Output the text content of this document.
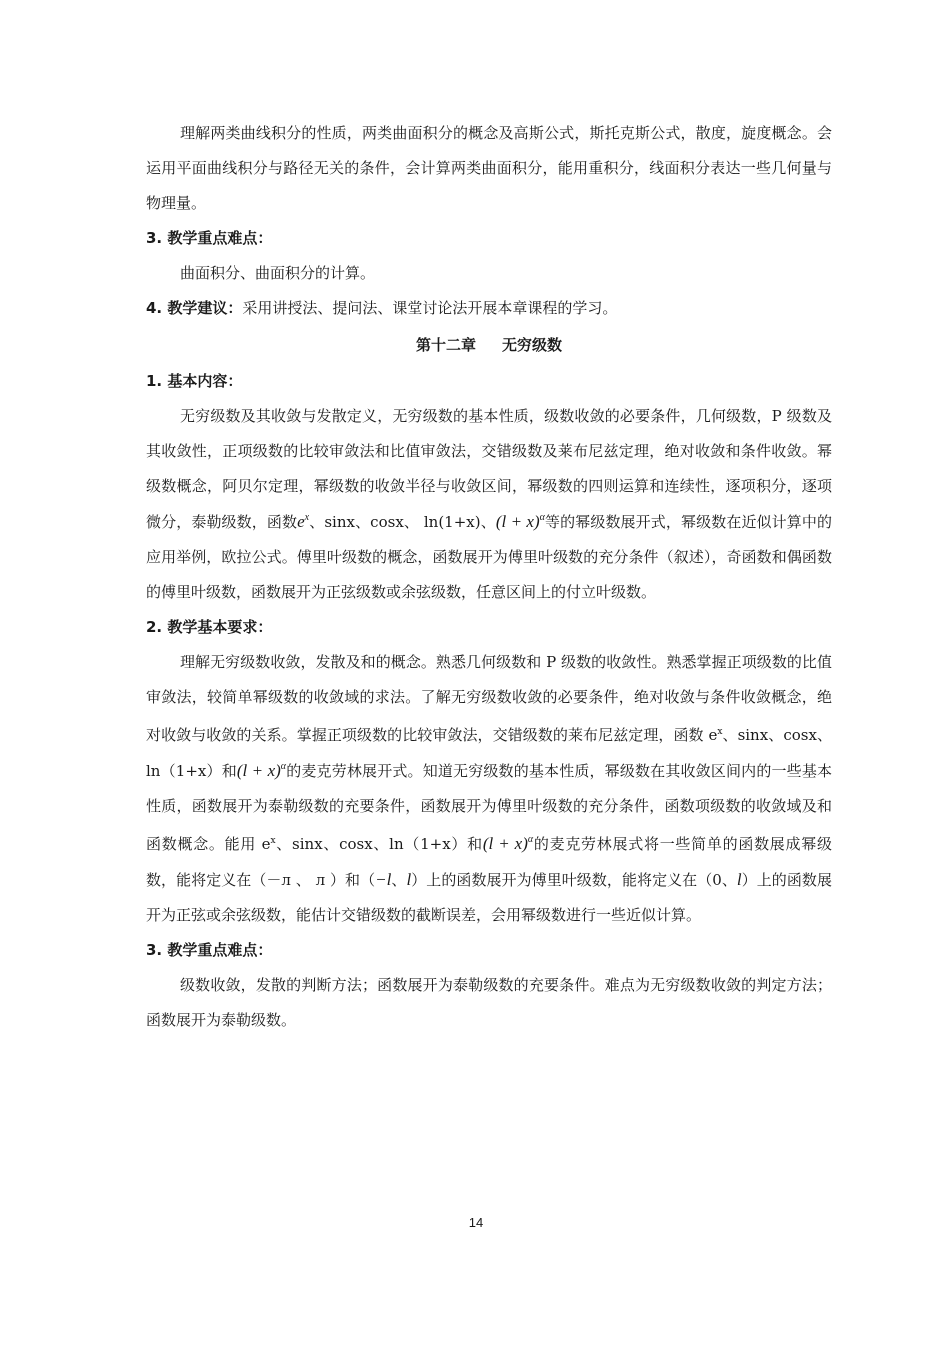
理解两类曲线积分的性质，两类曲面积分的概念及高斯公式，斯托克斯公式，散度，旋度概念。会运用平面曲线积分与路径无关的条件，会计算两类曲面积分，能用重积分，线面积分表达一些几何量与物理量。

3. 教学重点难点：

曲面积分、曲面积分的计算。

4. 教学建议：采用讲授法、提问法、课堂讨论法开展本章课程的学习。

第十二章 无穷级数
1. 基本内容：

无穷级数及其收敛与发散定义，无穷级数的基本性质，级数收敛的必要条件，几何级数，P 级数及其收敛性，正项级数的比较审敛法和比值审敛法，交错级数及莱布尼兹定理，绝对收敛和条件收敛。幂级数概念，阿贝尔定理，幂级数的收敛半径与收敛区间，幂级数的四则运算和连续性，逐项积分，逐项微分，泰勒级数，函数$e^x$、sinx、cosx、 ln(1+x)、$(l + x)^\alpha$等的幂级数展开式，幂级数在近似计算中的应用举例，欧拉公式。傅里叶级数的概念，函数展开为傅里叶级数的充分条件（叙述），奇函数和偶函数的傅里叶级数，函数展开为正弦级数或余弦级数，任意区间上的付立叶级数。

2. 教学基本要求：

理解无穷级数收敛，发散及和的概念。熟悉几何级数和 P 级数的收敛性。熟悉掌握正项级数的比值审敛法，较简单幂级数的收敛域的求法。了解无穷级数收敛的必要条件，绝对收敛与条件收敛概念，绝对收敛与收敛的关系。掌握正项级数的比较审敛法，交错级数的莱布尼兹定理，函数 $e^x$、sinx、cosx、ln（1+x）和$(l + x)^\alpha$的麦克劳林展开式。知道无穷级数的基本性质，幂级数在其收敛区间内的一些基本性质，函数展开为泰勒级数的充要条件，函数展开为傅里叶级数的充分条件，函数项级数的收敛域及和函数概念。能用 $e^x$、sinx、cosx、ln（1+x）和$(l + x)^\alpha$的麦克劳林展式将一些简单的函数展成幂级数，能将定义在（－л 、 л ）和（−l、l）上的函数展开为傅里叶级数，能将定义在（0、l）上的函数展开为正弦或余弦级数，能估计交错级数的截断误差，会用幂级数进行一些近似计算。

3. 教学重点难点：

级数收敛，发散的判断方法；函数展开为泰勒级数的充要条件。难点为无穷级数收敛的判定方法；函数展开为泰勒级数。

14
